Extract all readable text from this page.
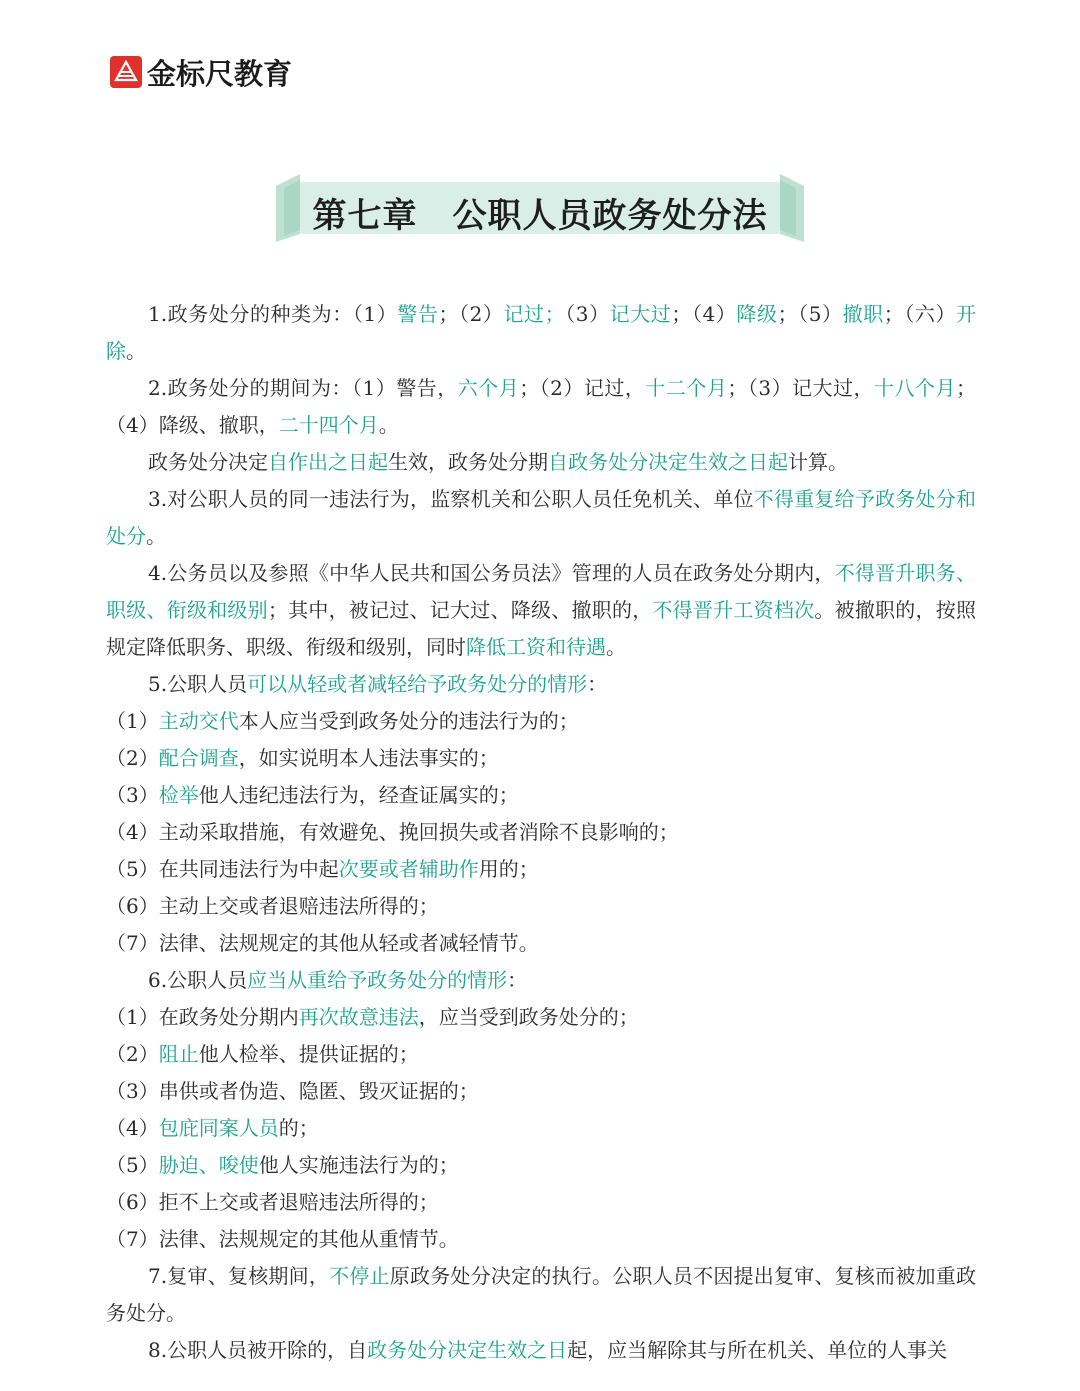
金标尺教育
第七章　公职人员政务处分法

1.政务处分的种类为：（1）警告；（2）记过；（3）记大过；（4）降级；（5）撤职；（六）开除。

2.政务处分的期间为：（1）警告，六个月；（2）记过，十二个月；（3）记大过，十八个月；（4）降级、撤职，二十四个月。

政务处分决定自作出之日起生效，政务处分期自政务处分决定生效之日起计算。

3.对公职人员的同一违法行为，监察机关和公职人员任免机关、单位不得重复给予政务处分和处分。

4.公务员以及参照《中华人民共和国公务员法》管理的人员在政务处分期内，不得晋升职务、职级、衔级和级别；其中，被记过、记大过、降级、撤职的，不得晋升工资档次。被撤职的，按照规定降低职务、职级、衔级和级别，同时降低工资和待遇。

5.公职人员可以从轻或者减轻给予政务处分的情形：

（1）主动交代本人应当受到政务处分的违法行为的；

（2）配合调查，如实说明本人违法事实的；

（3）检举他人违纪违法行为，经查证属实的；

（4）主动采取措施，有效避免、挽回损失或者消除不良影响的；

（5）在共同违法行为中起次要或者辅助作用的；

（6）主动上交或者退赔违法所得的；

（7）法律、法规规定的其他从轻或者减轻情节。

6.公职人员应当从重给予政务处分的情形：

（1）在政务处分期内再次故意违法，应当受到政务处分的；

（2）阻止他人检举、提供证据的；

（3）串供或者伪造、隐匿、毁灭证据的；

（4）包庇同案人员的；

（5）胁迫、唆使他人实施违法行为的；

（6）拒不上交或者退赔违法所得的；

（7）法律、法规规定的其他从重情节。

7.复审、复核期间，不停止原政务处分决定的执行。公职人员不因提出复审、复核而被加重政务处分。

8.公职人员被开除的，自政务处分决定生效之日起，应当解除其与所在机关、单位的人事关
